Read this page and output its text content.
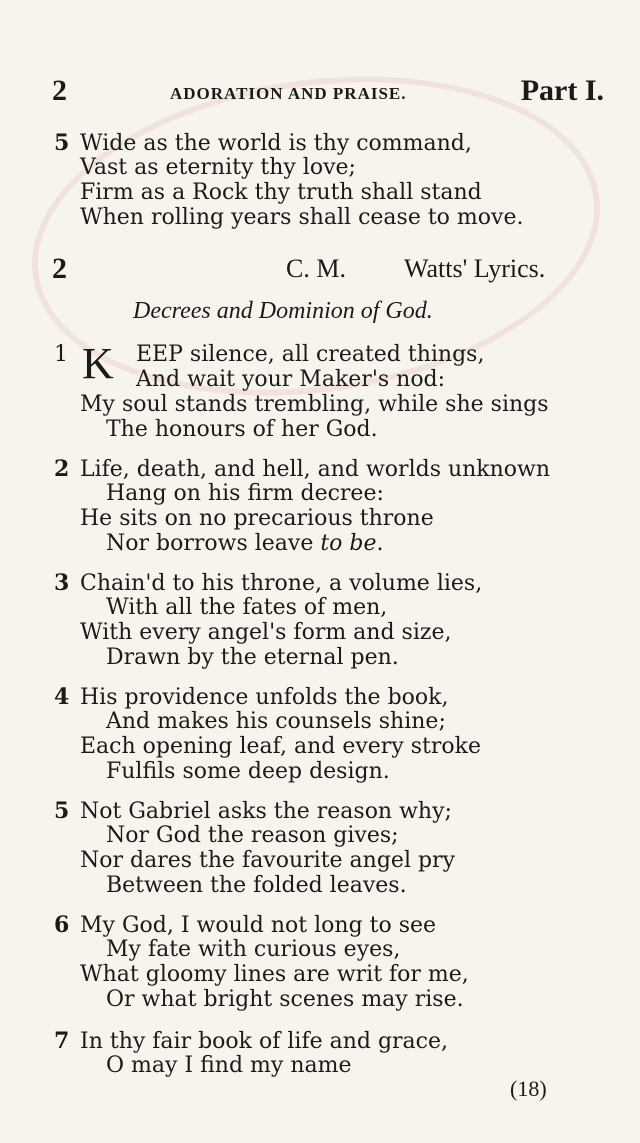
2	ADORATION AND PRAISE.	Part I.
5 Wide as the world is thy command,
Vast as eternity thy love;
Firm as a Rock thy truth shall stand
When rolling years shall cease to move.
2	C. M. Watts' Lyrics.
Decrees and Dominion of God.
1 K EEP silence, all created things,
And wait your Maker's nod:
My soul stands trembling, while she sings
The honours of her God.
2 Life, death, and hell, and worlds unknown
Hang on his firm decree:
He sits on no precarious throne
Nor borrows leave to be.
3 Chain'd to his throne, a volume lies,
With all the fates of men,
With every angel's form and size,
Drawn by the eternal pen.
4 His providence unfolds the book,
And makes his counsels shine;
Each opening leaf, and every stroke
Fulfils some deep design.
5 Not Gabriel asks the reason why;
Nor God the reason gives;
Nor dares the favourite angel pry
Between the folded leaves.
6 My God, I would not long to see
My fate with curious eyes,
What gloomy lines are writ for me,
Or what bright scenes may rise.
7 In thy fair book of life and grace,
O may I find my name
(18)
